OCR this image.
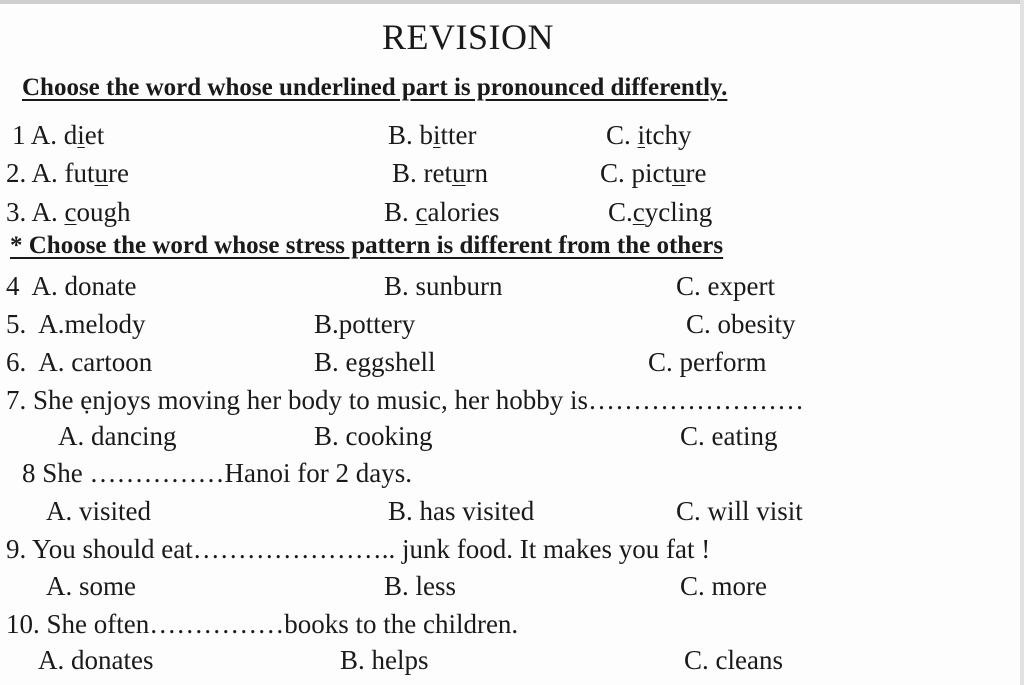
REVISION
Choose the word whose underlined part is pronounced differently.
1 A. diet	B. bitter	C. itchy
2. A. future	B. return	C. picture
3. A. cough	B. calories	C.cycling
* Choose the word whose stress pattern is different from the others
4 A. donate	B. sunburn	C. expert
5. A.melody	B.pottery	C. obesity
6. A. cartoon	B. eggshell	C. perform
7. She ẹnjoys moving her body to music, her hobby is……………………
A. dancing	B. cooking	C. eating
8 She ……………Hanoi for 2 days.
A. visited	B. has visited	C. will visit
9. You should eat………………….. junk food. It makes you fat !
A. some	B. less	C. more
10. She often……………books to the children.
A. donates	B. helps	C. cleans
